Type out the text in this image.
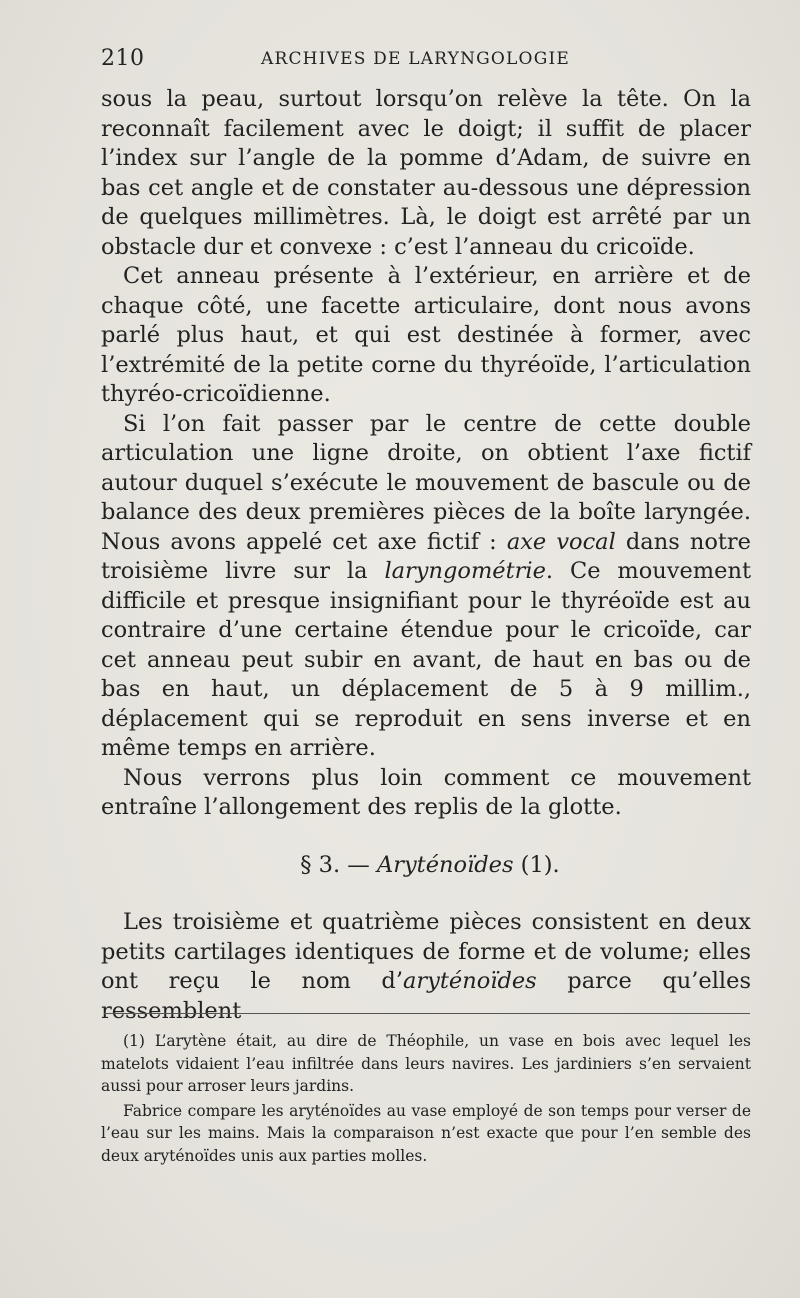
210	ARCHIVES DE LARYNGOLOGIE

sous la peau, surtout lorsqu’on relève la tête. On la reconnaît facilement avec le doigt; il suffit de placer l’index sur l’angle de la pomme d’Adam, de suivre en bas cet angle et de constater au-dessous une dépression de quelques millimètres. Là, le doigt est arrêté par un obstacle dur et convexe : c’est l’anneau du cricoïde.

Cet anneau présente à l’extérieur, en arrière et de chaque côté, une facette articulaire, dont nous avons parlé plus haut, et qui est destinée à former, avec l’extrémité de la petite corne du thyréoïde, l’articulation thyréo-cricoïdienne.

Si l’on fait passer par le centre de cette double articulation une ligne droite, on obtient l’axe fictif autour duquel s’exécute le mouvement de bascule ou de balance des deux premières pièces de la boîte laryngée. Nous avons appelé cet axe fictif : axe vocal dans notre troisième livre sur la laryngométrie. Ce mouvement difficile et presque insignifiant pour le thyréoïde est au contraire d’une certaine étendue pour le cricoïde, car cet anneau peut subir en avant, de haut en bas ou de bas en haut, un déplacement de 5 à 9 millim., déplacement qui se reproduit en sens inverse et en même temps en arrière.

Nous verrons plus loin comment ce mouvement entraîne l’allongement des replis de la glotte.

§ 3. — Aryténoïdes (1).

Les troisième et quatrième pièces consistent en deux petits cartilages identiques de forme et de volume; elles ont reçu le nom d’aryténoïdes parce qu’elles ressemblent

(1) L’arytène était, au dire de Théophile, un vase en bois avec lequel les matelots vidaient l’eau infiltrée dans leurs navires. Les jardiniers s’en servaient aussi pour arroser leurs jardins.

Fabrice compare les aryténoïdes au vase employé de son temps pour verser de l’eau sur les mains. Mais la comparaison n’est exacte que pour l’en semble des deux aryténoïdes unis aux parties molles.
